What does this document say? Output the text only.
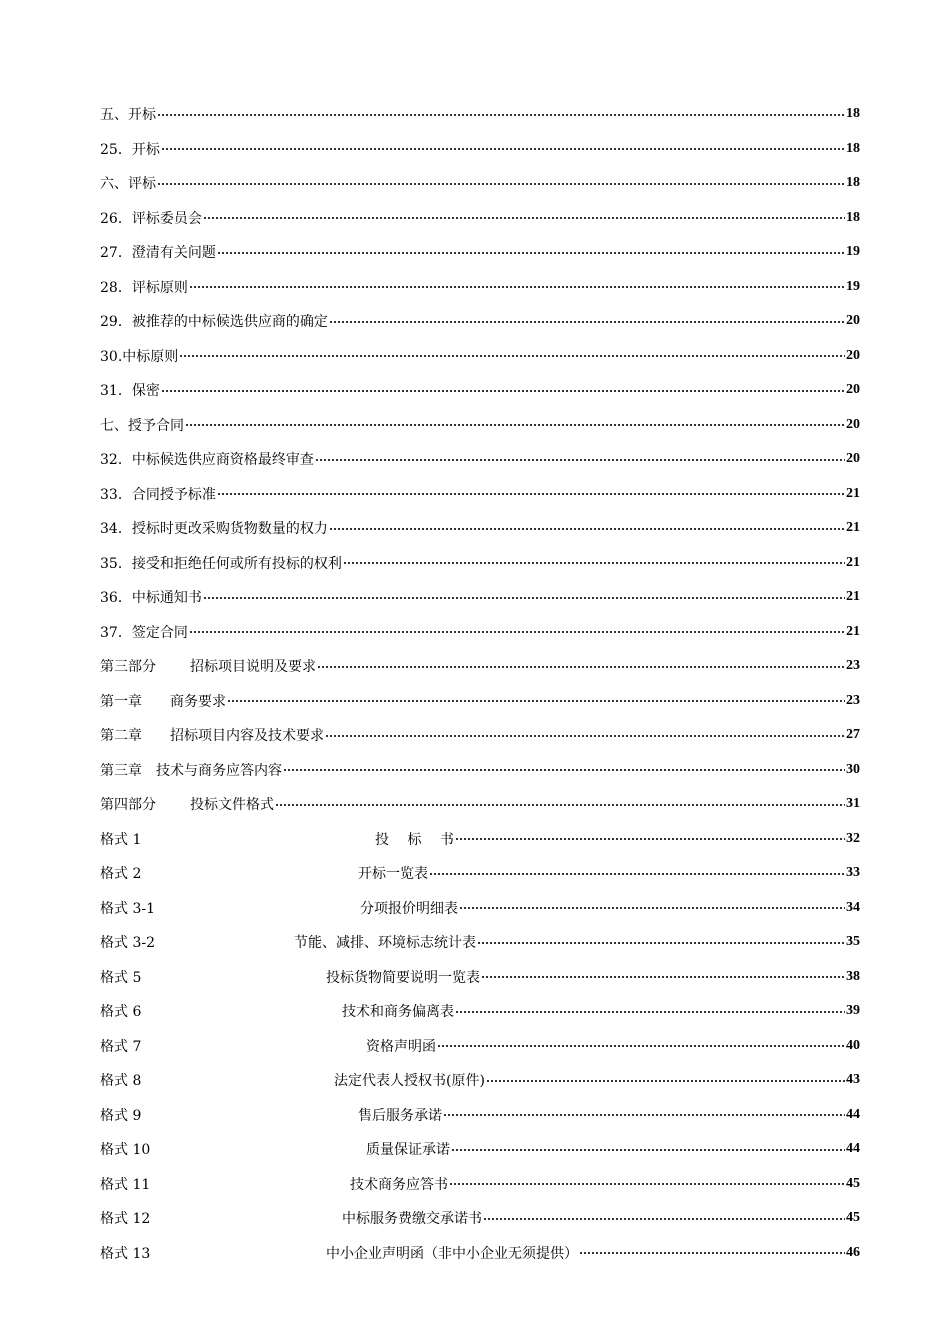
五、开标	18
25．开标	18
六、评标	18
26．评标委员会	18
27．澄清有关问题	19
28．评标原则	19
29．被推荐的中标候选供应商的确定	20
30.中标原则	20
31．保密	20
七、授予合同	20
32．中标候选供应商资格最终审查	20
33．合同授予标准	21
34．授标时更改采购货物数量的权力	21
35．接受和拒绝任何或所有投标的权利	21
36．中标通知书	21
37．签定合同	21
第三部分 招标项目说明及要求	23
第一章 商务要求	23
第二章 招标项目内容及技术要求	27
第三章 技术与商务应答内容	30
第四部分 投标文件格式	31
格式 1	投　 标　 书	32
格式 2	开标一览表	33
格式 3-1	分项报价明细表	34
格式 3-2	节能、减排、环境标志统计表	35
格式 5	投标货物简要说明一览表	38
格式 6	技术和商务偏离表	39
格式 7	资格声明函	40
格式 8	法定代表人授权书(原件)	43
格式 9	售后服务承诺	44
格式 10	质量保证承诺	44
格式 11	技术商务应答书	45
格式 12	中标服务费缴交承诺书	45
格式 13	中小企业声明函（非中小企业无须提供）	46
